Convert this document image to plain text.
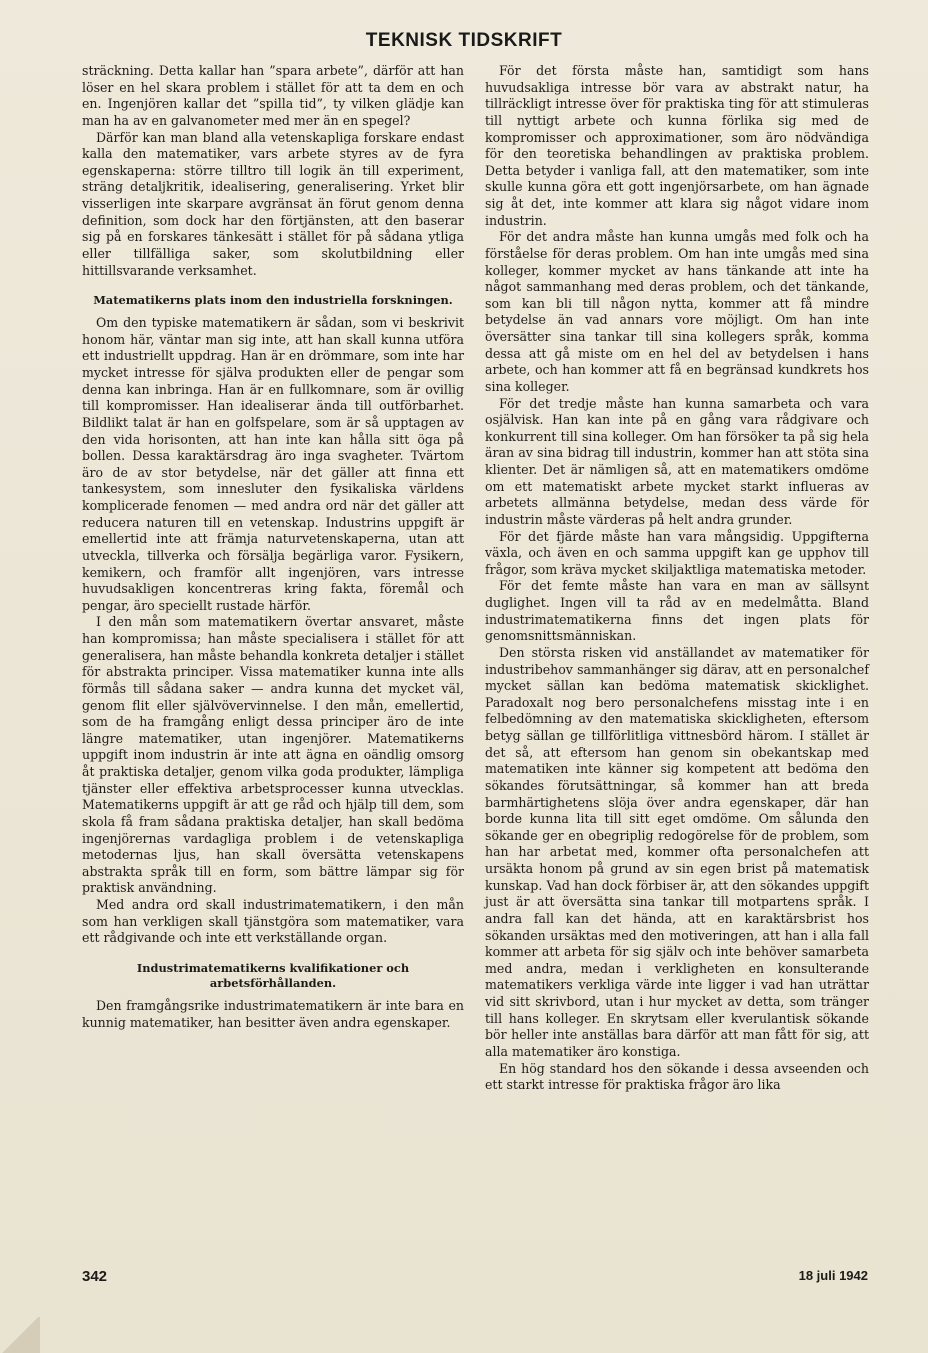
TEKNISK TIDSKRIFT

sträckning. Detta kallar han ”spara arbete”, därför att han löser en hel skara problem i stället för att ta dem en och en. Ingenjören kallar det ”spilla tid”, ty vilken glädje kan man ha av en galvanometer med mer än en spegel?

Därför kan man bland alla vetenskapliga forskare endast kalla den matematiker, vars arbete styres av de fyra egenskaperna: större tilltro till logik än till experiment, sträng detaljkritik, idealisering, generalisering. Yrket blir visserligen inte skarpare avgränsat än förut genom denna definition, som dock har den förtjänsten, att den baserar sig på en forskares tänkesätt i stället för på sådana ytliga eller tillfälliga saker, som skolutbildning eller hittillsvarande verksamhet.

Matematikerns plats inom den industriella forskningen.

Om den typiske matematikern är sådan, som vi beskrivit honom här, väntar man sig inte, att han skall kunna utföra ett industriellt uppdrag. Han är en drömmare, som inte har mycket intresse för själva produkten eller de pengar som denna kan inbringa. Han är en fullkomnare, som är ovillig till kompromisser. Han idealiserar ända till outförbarhet. Bildlikt talat är han en golfspelare, som är så upptagen av den vida horisonten, att han inte kan hålla sitt öga på bollen. Dessa karaktärsdrag äro inga svagheter. Tvärtom äro de av stor betydelse, när det gäller att finna ett tankesystem, som innesluter den fysikaliska världens komplicerade fenomen — med andra ord när det gäller att reducera naturen till en vetenskap. Industrins uppgift är emellertid inte att främja naturvetenskaperna, utan att utveckla, tillverka och försälja begärliga varor. Fysikern, kemikern, och framför allt ingenjören, vars intresse huvudsakligen koncentreras kring fakta, föremål och pengar, äro speciellt rustade härför.

I den mån som matematikern övertar ansvaret, måste han kompromissa; han måste specialisera i stället för att generalisera, han måste behandla konkreta detaljer i stället för abstrakta principer. Vissa matematiker kunna inte alls förmås till sådana saker — andra kunna det mycket väl, genom flit eller självövervinnelse. I den mån, emellertid, som de ha framgång enligt dessa principer äro de inte längre matematiker, utan ingenjörer. Matematikerns uppgift inom industrin är inte att ägna en oändlig omsorg åt praktiska detaljer, genom vilka goda produkter, lämpliga tjänster eller effektiva arbetsprocesser kunna utvecklas. Matematikerns uppgift är att ge råd och hjälp till dem, som skola få fram sådana praktiska detaljer, han skall bedöma ingenjörernas vardagliga problem i de vetenskapliga metodernas ljus, han skall översätta vetenskapens abstrakta språk till en form, som bättre lämpar sig för praktisk användning.

Med andra ord skall industrimatematikern, i den mån som han verkligen skall tjänstgöra som matematiker, vara ett rådgivande och inte ett verkställande organ.

Industrimatematikerns kvalifikationer och arbetsförhållanden.

Den framgångsrike industrimatematikern är inte bara en kunnig matematiker, han besitter även andra egenskaper.

För det första måste han, samtidigt som hans huvudsakliga intresse bör vara av abstrakt natur, ha tillräckligt intresse över för praktiska ting för att stimuleras till nyttigt arbete och kunna förlika sig med de kompromisser och approximationer, som äro nödvändiga för den teoretiska behandlingen av praktiska problem. Detta betyder i vanliga fall, att den matematiker, som inte skulle kunna göra ett gott ingenjörsarbete, om han ägnade sig åt det, inte kommer att klara sig något vidare inom industrin.

För det andra måste han kunna umgås med folk och ha förståelse för deras problem. Om han inte umgås med sina kolleger, kommer mycket av hans tänkande att inte ha något sammanhang med deras problem, och det tänkande, som kan bli till någon nytta, kommer att få mindre betydelse än vad annars vore möjligt. Om han inte översätter sina tankar till sina kollegers språk, komma dessa att gå miste om en hel del av betydelsen i hans arbete, och han kommer att få en begränsad kundkrets hos sina kolleger.

För det tredje måste han kunna samarbeta och vara osjälvisk. Han kan inte på en gång vara rådgivare och konkurrent till sina kolleger. Om han försöker ta på sig hela äran av sina bidrag till industrin, kommer han att stöta sina klienter. Det är nämligen så, att en matematikers omdöme om ett matematiskt arbete mycket starkt influeras av arbetets allmänna betydelse, medan dess värde för industrin måste värderas på helt andra grunder.

För det fjärde måste han vara mångsidig. Uppgifterna växla, och även en och samma uppgift kan ge upphov till frågor, som kräva mycket skiljaktliga matematiska metoder.

För det femte måste han vara en man av sällsynt duglighet. Ingen vill ta råd av en medelmåtta. Bland industrimatematikerna finns det ingen plats för genomsnittsmänniskan.

Den största risken vid anställandet av matematiker för industribehov sammanhänger sig därav, att en personalchef mycket sällan kan bedöma matematisk skicklighet. Paradoxalt nog bero personalchefens misstag inte i en felbedömning av den matematiska skickligheten, eftersom betyg sällan ge tillförlitliga vittnesbörd härom. I stället är det så, att eftersom han genom sin obekantskap med matematiken inte känner sig kompetent att bedöma den sökandes förutsättningar, så kommer han att breda barmhärtighetens slöja över andra egenskaper, där han borde kunna lita till sitt eget omdöme. Om sålunda den sökande ger en obegriplig redogörelse för de problem, som han har arbetat med, kommer ofta personalchefen att ursäkta honom på grund av sin egen brist på matematisk kunskap. Vad han dock förbiser är, att den sökandes uppgift just är att översätta sina tankar till motpartens språk. I andra fall kan det hända, att en karaktärsbrist hos sökanden ursäktas med den motiveringen, att han i alla fall kommer att arbeta för sig själv och inte behöver samarbeta med andra, medan i verkligheten en konsulterande matematikers verkliga värde inte ligger i vad han uträttar vid sitt skrivbord, utan i hur mycket av detta, som tränger till hans kolleger. En skrytsam eller kverulantisk sökande bör heller inte anställas bara därför att man fått för sig, att alla matematiker äro konstiga.

En hög standard hos den sökande i dessa avseenden och ett starkt intresse för praktiska frågor äro lika

342	18 juli 1942
